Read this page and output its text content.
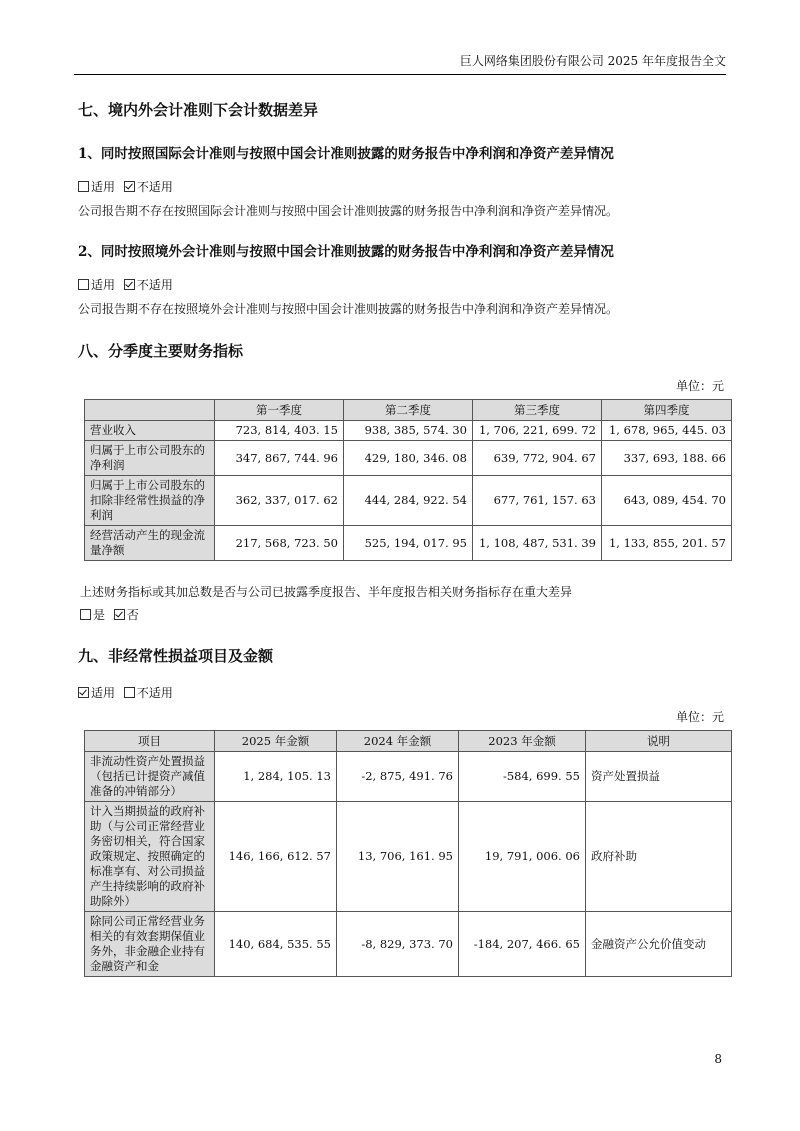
巨人网络集团股份有限公司 2025 年年度报告全文
七、境内外会计准则下会计数据差异
1、同时按照国际会计准则与按照中国会计准则披露的财务报告中净利润和净资产差异情况
适用 不适用
公司报告期不存在按照国际会计准则与按照中国会计准则披露的财务报告中净利润和净资产差异情况。
2、同时按照境外会计准则与按照中国会计准则披露的财务报告中净利润和净资产差异情况
适用 不适用
公司报告期不存在按照境外会计准则与按照中国会计准则披露的财务报告中净利润和净资产差异情况。
八、分季度主要财务指标
单位：元
	第一季度	第二季度	第三季度	第四季度
营业收入	723, 814, 403. 15	938, 385, 574. 30	1, 706, 221, 699. 72	1, 678, 965, 445. 03
归属于上市公司股东的净利润	347, 867, 744. 96	429, 180, 346. 08	639, 772, 904. 67	337, 693, 188. 66
归属于上市公司股东的扣除非经常性损益的净利润	362, 337, 017. 62	444, 284, 922. 54	677, 761, 157. 63	643, 089, 454. 70
经营活动产生的现金流量净额	217, 568, 723. 50	525, 194, 017. 95	1, 108, 487, 531. 39	1, 133, 855, 201. 57
上述财务指标或其加总数是否与公司已披露季度报告、半年度报告相关财务指标存在重大差异
是 否
九、非经常性损益项目及金额
适用 不适用
单位：元
项目	2025 年金额	2024 年金额	2023 年金额	说明
非流动性资产处置损益（包括已计提资产减值准备的冲销部分）	1, 284, 105. 13	-2, 875, 491. 76	-584, 699. 55	资产处置损益
计入当期损益的政府补助（与公司正常经营业务密切相关，符合国家政策规定、按照确定的标准享有、对公司损益产生持续影响的政府补助除外）	146, 166, 612. 57	13, 706, 161. 95	19, 791, 006. 06	政府补助
除同公司正常经营业务相关的有效套期保值业务外，非金融企业持有金融资产和金	140, 684, 535. 55	-8, 829, 373. 70	-184, 207, 466. 65	金融资产公允价值变动
8
